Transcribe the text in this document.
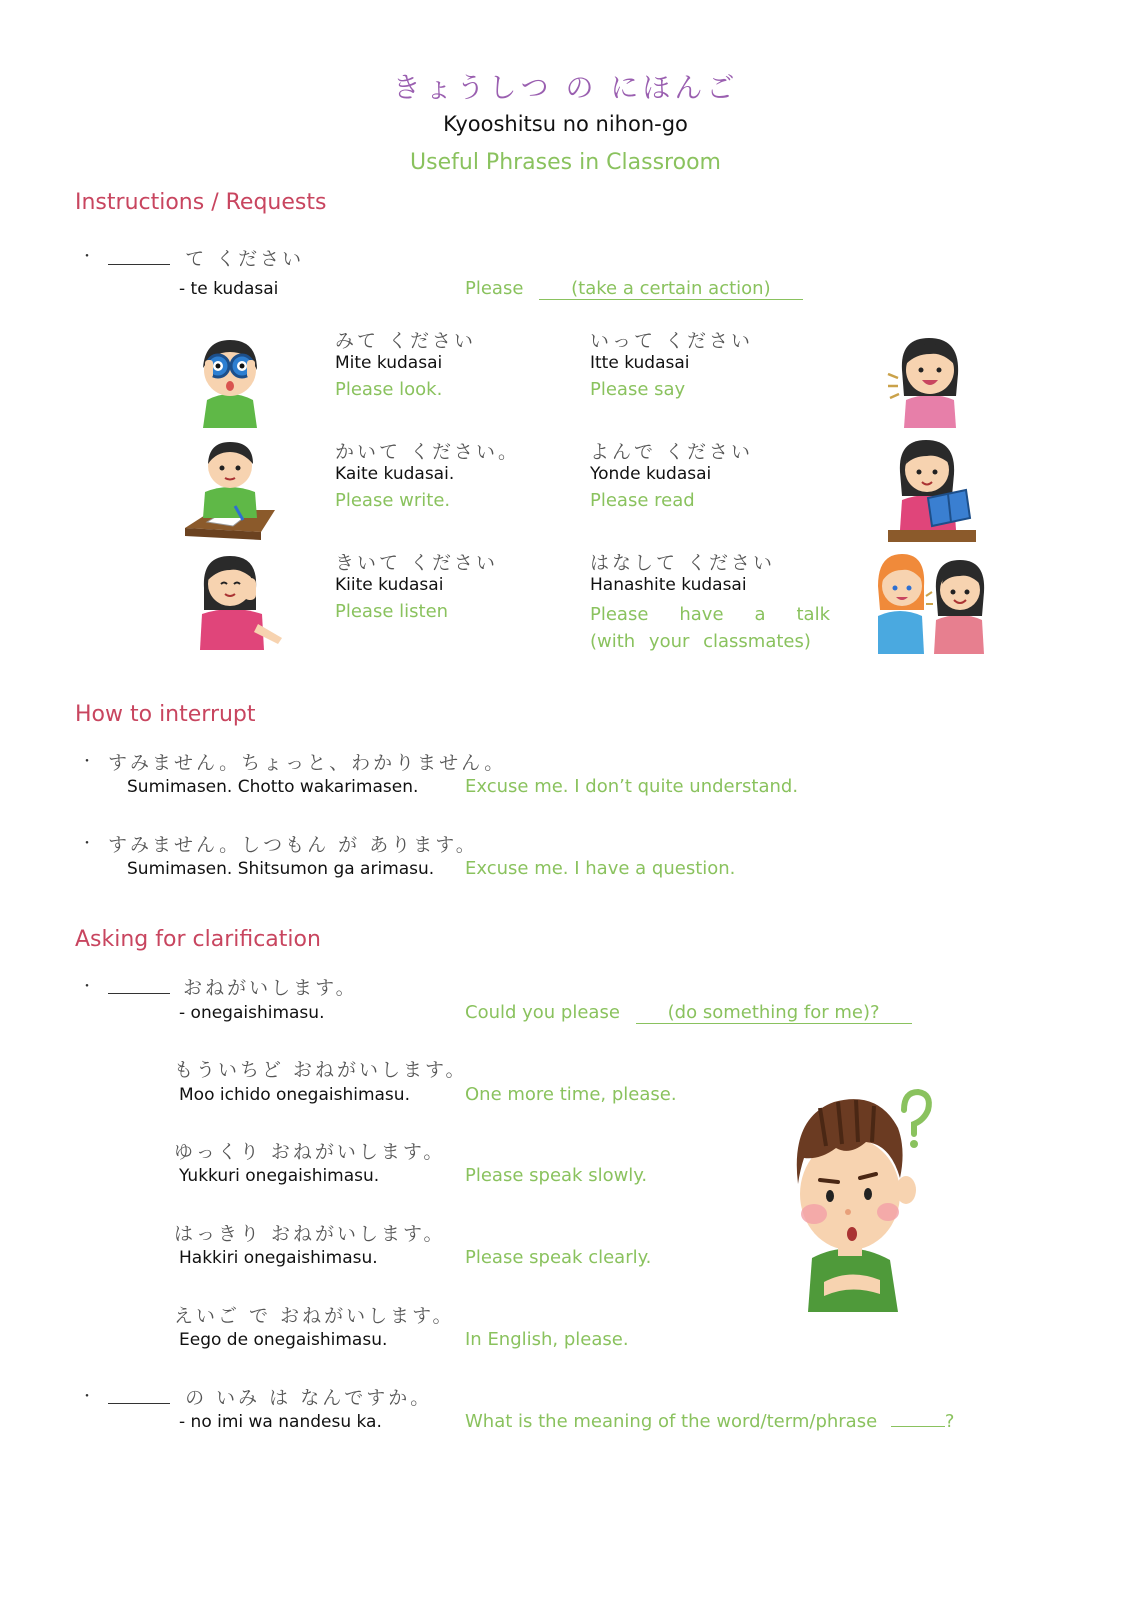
きょうしつ の にほんご
Kyooshitsu no nihon-go
Useful Phrases in Classroom
Instructions / Requests
・	て ください
- te kudasai	Please	(take a certain action)
みて ください
Mite kudasai
Please look.
いって ください
Itte kudasai
Please say
かいて ください。
Kaite kudasai.
Please write.
よんで ください
Yonde kudasai
Please read
きいて ください
Kiite kudasai
Please listen
はなして ください
Hanashite kudasai
Please have a talk (with your classmates)
How to interrupt
・ すみません。ちょっと、わかりません。
Sumimasen. Chotto wakarimasen.	Excuse me. I don’t quite understand.
・ すみません。しつもん が あります。
Sumimasen. Shitsumon ga arimasu. Excuse me. I have a question.
Asking for clarification
・	おねがいします。
- onegaishimasu.	Could you please	(do something for me)?
もういちど おねがいします。
Moo ichido onegaishimasu.	One more time, please.
ゆっくり おねがいします。
Yukkuri onegaishimasu.	Please speak slowly.
はっきり おねがいします。
Hakkiri onegaishimasu.	Please speak clearly.
えいご で おねがいします。
Eego de onegaishimasu.	In English, please.
・	の いみ は なんですか。
- no imi wa nandesu ka.	What is the meaning of the word/term/phrase	?
